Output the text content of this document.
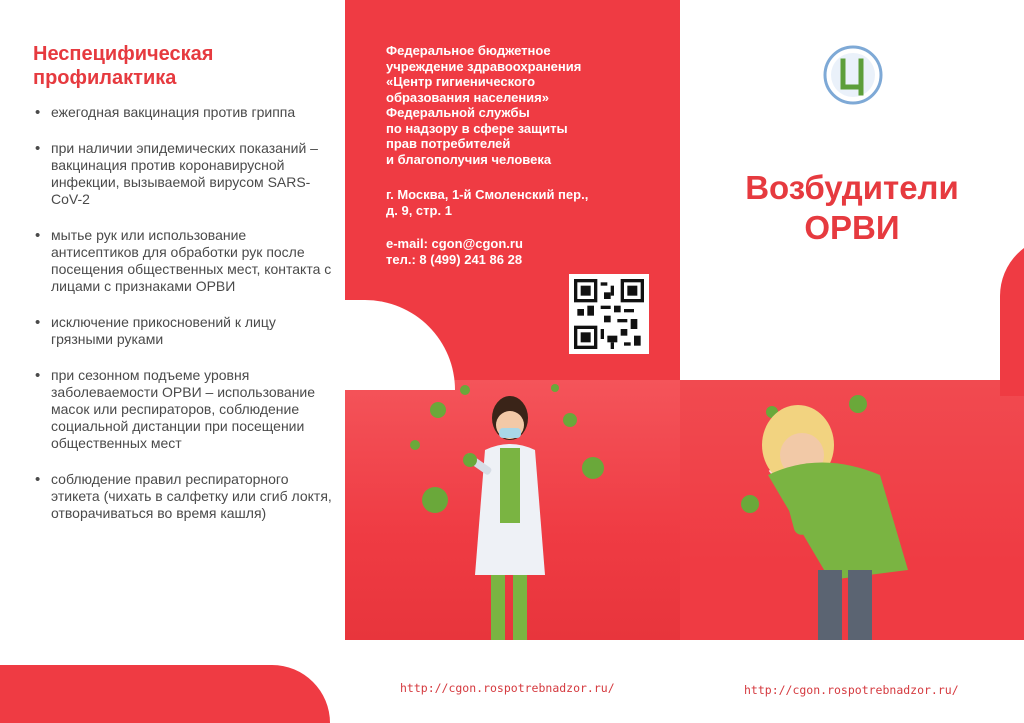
Неспецифическая профилактика
• ежегодная вакцинация против гриппа
• при наличии эпидемических показаний – вакцинация против коронавирусной инфекции, вызываемой вирусом SARS-CoV-2
• мытье рук или использование антисептиков для обработки рук после посещения общественных мест, контакта с лицами с признаками ОРВИ
• исключение прикосновений к лицу грязными руками
• при сезонном подъеме уровня заболеваемости ОРВИ – использование масок или респираторов, соблюдение социальной дистанции при посещении общественных мест
• соблюдение правил респираторного этикета (чихать в салфетку или сгиб локтя, отворачиваться во время кашля)

Федеральное бюджетное

учреждение здравоохранения

«Центр гигиенического

образования населения»

Федеральной службы

по надзору в сфере защиты

прав потребителей

и благополучия человека

г. Москва, 1-й Смоленский пер.,

д. 9, стр. 1

e-mail: cgon@cgon.ru

тел.: 8 (499) 241 86 28

http://cgon.rospotrebnadzor.ru/
Возбудители
ОРВИ
http://cgon.rospotrebnadzor.ru/
